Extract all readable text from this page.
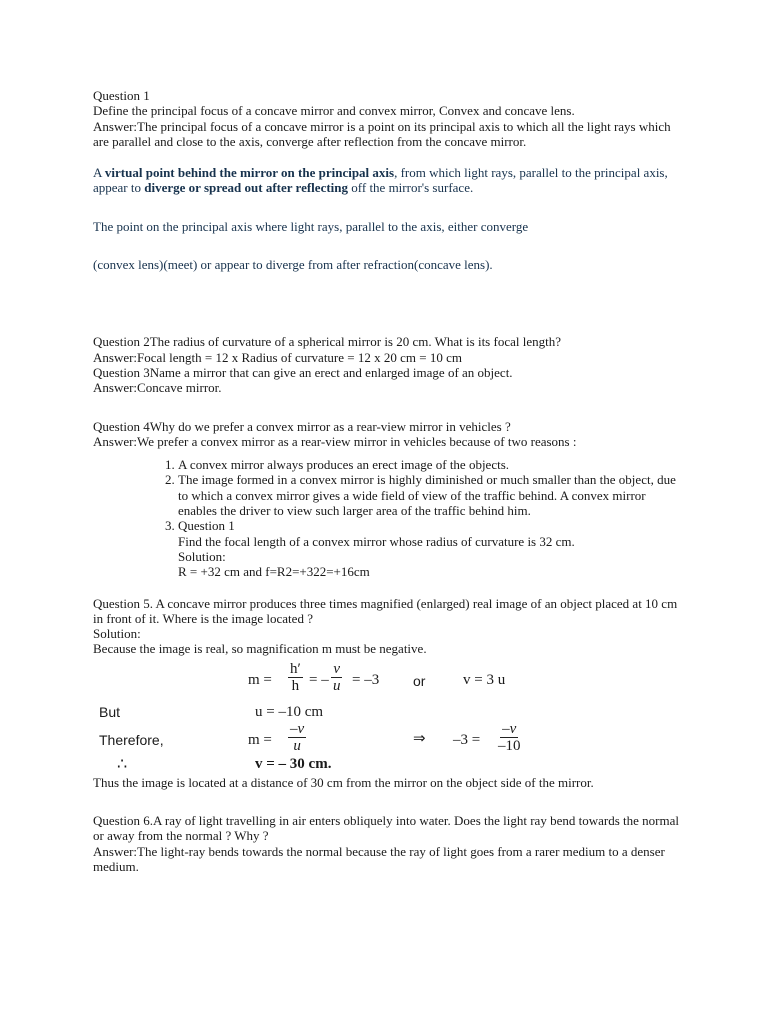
Question 1

Define the principal focus of a concave mirror and convex mirror, Convex and concave lens.

Answer:The principal focus of a concave mirror is a point on its principal axis to which all the light rays which are parallel and close to the axis, converge after reflection from the concave mirror.

A virtual point behind the mirror on the principal axis, from which light rays, parallel to the principal axis, appear to diverge or spread out after reflecting off the mirror's surface.

The point on the principal axis where light rays, parallel to the axis, either converge

(convex lens)(meet) or appear to diverge from after refraction(concave lens).

Question 2The radius of curvature of a spherical mirror is 20 cm. What is its focal length?

Answer:Focal length = 12 x Radius of curvature = 12 x 20 cm = 10 cm

Question 3Name a mirror that can give an erect and enlarged image of an object.

Answer:Concave mirror.

Question 4Why do we prefer a convex mirror as a rear-view mirror in vehicles ?

Answer:We prefer a convex mirror as a rear-view mirror in vehicles because of two reasons :

1. A convex mirror always produces an erect image of the objects.
2. The image formed in a convex mirror is highly diminished or much smaller than the object, due to which a convex mirror gives a wide field of view of the traffic behind. A convex mirror enables the driver to view such larger area of the traffic behind him.
3. Question 1
Find the focal length of a convex mirror whose radius of curvature is 32 cm.
Solution:
R = +32 cm and f=R2=+322=+16cm

Question 5. A concave mirror produces three times magnified (enlarged) real image of an object placed at 10 cm in front of it. Where is the image located ?

Solution:

Because the image is real, so magnification m must be negative.

$m = \frac{h'}{h}$ = – $\frac{v}{u} = -3$ or	v = 3 u
But	u = –10 cm
Therefore,	$m = \frac{-v}{u}$	⇒ $-3 = \frac{-v}{-10}$
∴	v = – 30 cm.

Thus the image is located at a distance of 30 cm from the mirror on the object side of the mirror.

Question 6.A ray of light travelling in air enters obliquely into water. Does the light ray bend towards the normal or away from the normal ? Why ?

Answer:The light-ray bends towards the normal because the ray of light goes from a rarer medium to a denser medium.
